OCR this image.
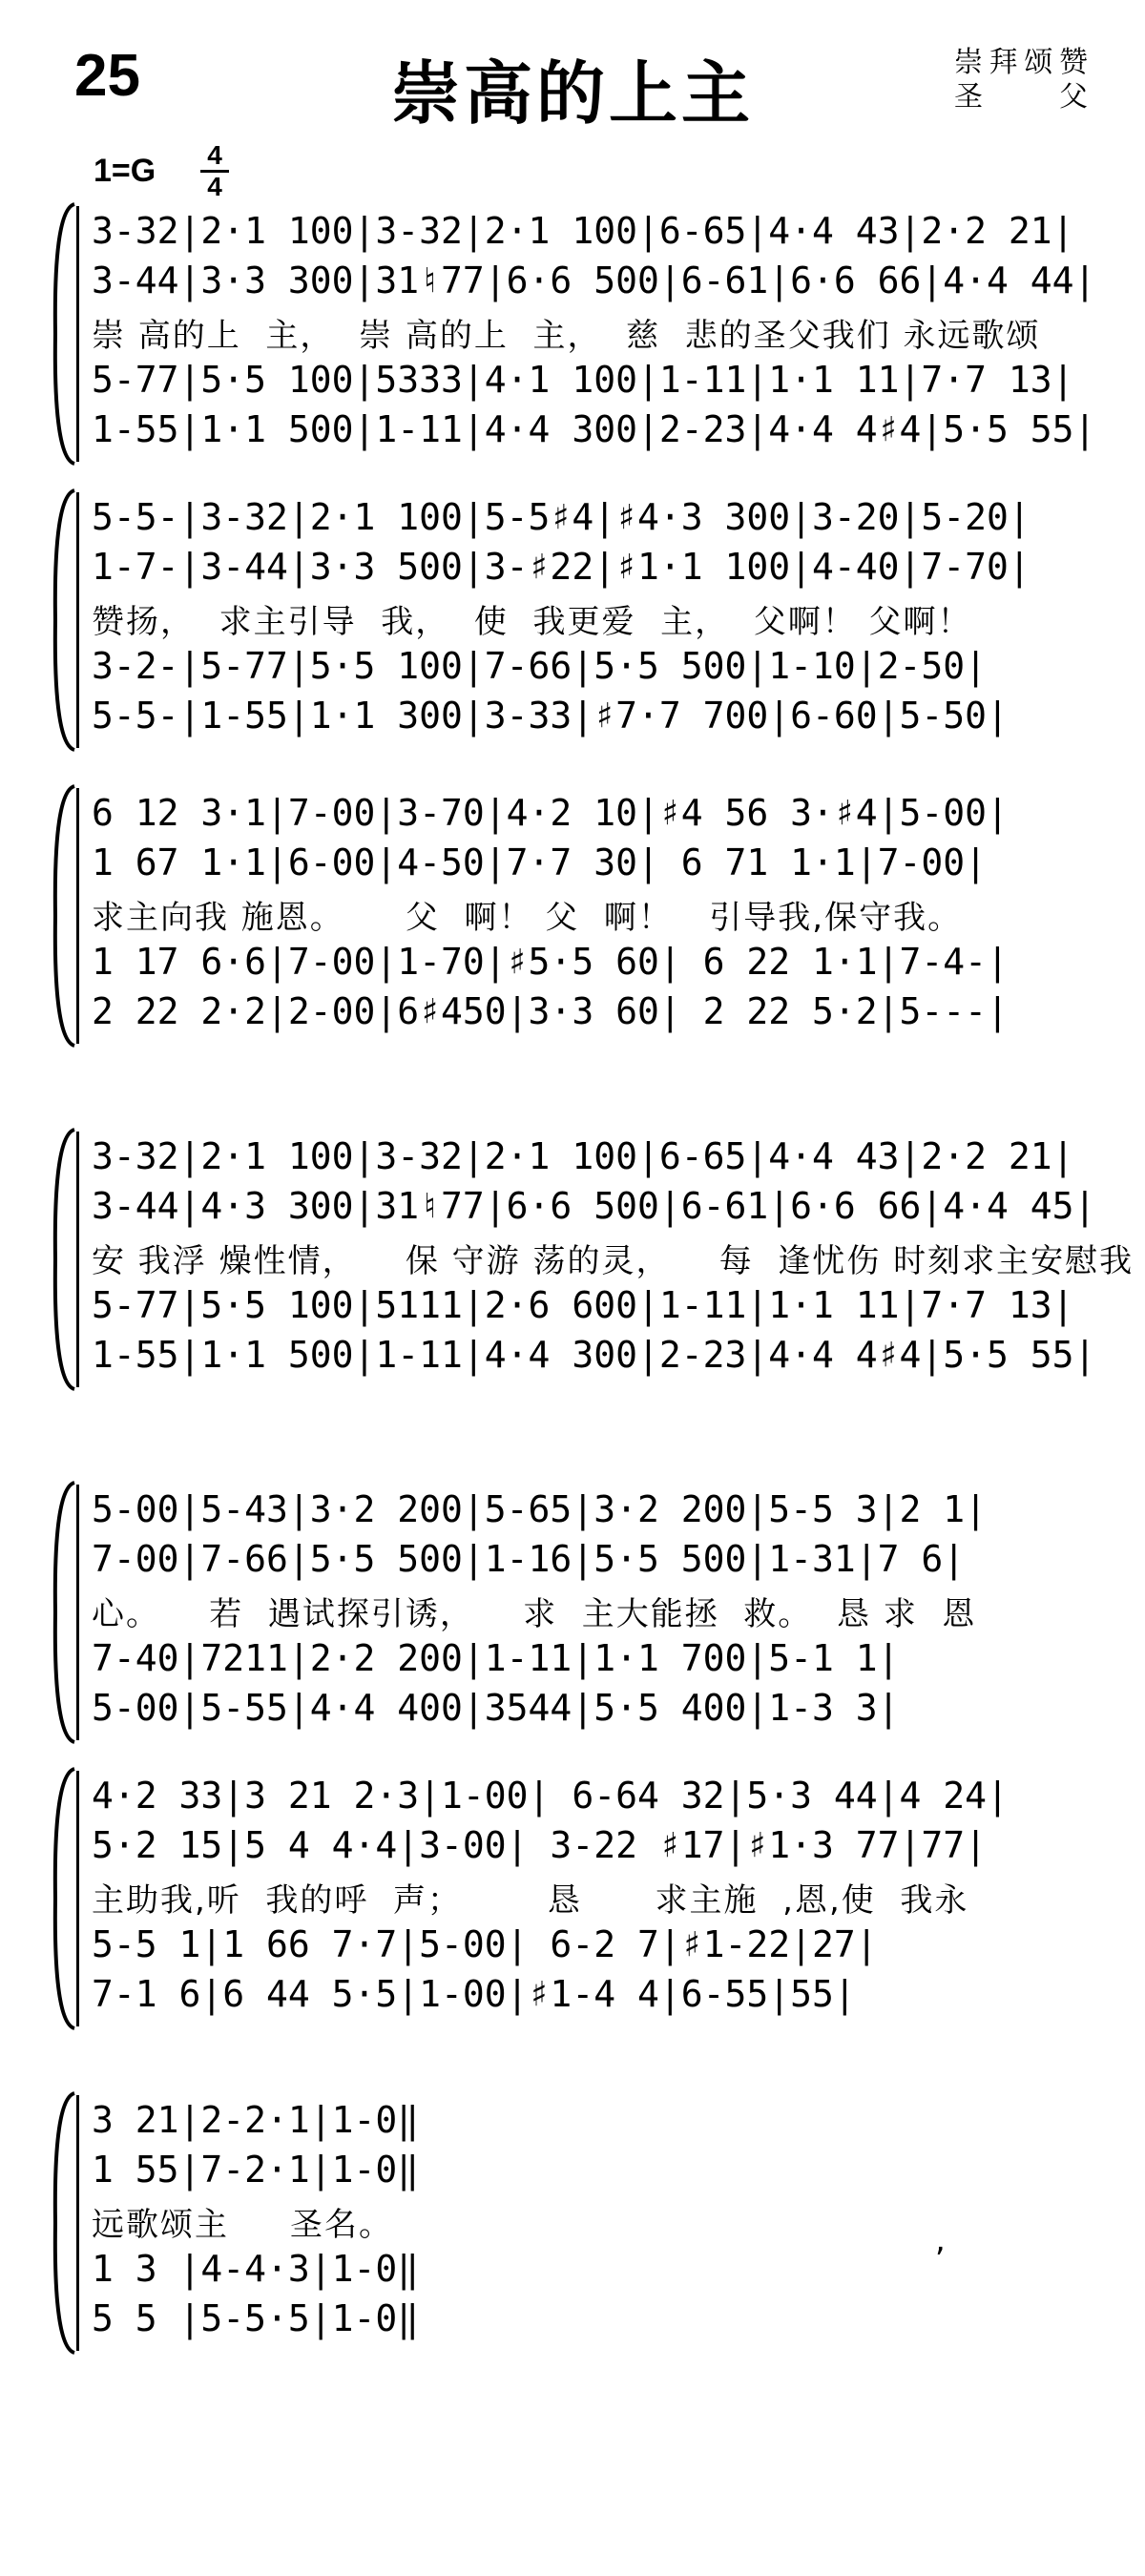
25	崇高的上主	崇拜颂赞
圣父
1=G 4
4
3-32|2·1 100|3-32|2·1 100|6-65|4·4 43|2·2 21|
3-44|3·3 300|31♮77|6·6 500|6-61|6·6 66|4·4 44|
崇 高的上  主，  崇 高的上  主，  慈  悲的圣父我们 永远歌颂
5-77|5·5 100|5333|4·1 100|1-11|1·1 11|7·7 13|
1-55|1·1 500|1-11|4·4 300|2-23|4·4 4♯4|5·5 55|
5-5-|3-32|2·1 100|5-5♯4|♯4·3 300|3-20|5-20|
1-7-|3-44|3·3 500|3-♯22|♯1·1 100|4-40|7-70|
赞扬，  求主引导  我，  使  我更爱  主，  父啊！ 父啊！
3-2-|5-77|5·5 100|7-66|5·5 500|1-10|2-50|
5-5-|1-55|1·1 300|3-33|♯7·7 700|6-60|5-50|
6 12 3·1|7-00|3-70|4·2 10|♯4 56 3·♯4|5-00|
1 67 1·1|6-00|4-50|7·7 30| 6 71 1·1|7-00|
求主向我 施恩。     父  啊！ 父  啊！   引导我,保守我。
1 17 6·6|7-00|1-70|♯5·5 60| 6 22 1·1|7-4-|
2 22 2·2|2-00|6♯450|3·3 60| 2 22 5·2|5---|
3-32|2·1 100|3-32|2·1 100|6-65|4·4 43|2·2 21|
3-44|4·3 300|31♮77|6·6 500|6-61|6·6 66|4·4 45|
安 我浮 燥性情，    保 守游 荡的灵，    每  逢忧伤 时刻求主安慰我
5-77|5·5 100|5111|2·6 600|1-11|1·1 11|7·7 13|
1-55|1·1 500|1-11|4·4 300|2-23|4·4 4♯4|5·5 55|
5-00|5-43|3·2 200|5-65|3·2 200|5-5 3|2 1|
7-00|7-66|5·5 500|1-16|5·5 500|1-31|7 6|
心。    若  遇试探引诱，    求  主大能拯  救。  恳 求  恩
7-40|7211|2·2 200|1-11|1·1 700|5-1 1|
5-00|5-55|4·4 400|3544|5·5 400|1-3 3|
4·2 33|3 21 2·3|1-00| 6-64 32|5·3 44|4 24|
5·2 15|5 4 4·4|3-00| 3-22 ♯17|♯1·3 77|77|
主助我,听  我的呼  声；       恳      求主施  ,恩,使  我永
5-5 1|1 66 7·7|5-00| 6-2 7|♯1-22|27|
7-1 6|6 44 5·5|1-00|♯1-4 4|6-55|55|
3 21|2-2·1|1-0‖
1 55|7-2·1|1-0‖
远歌颂主     圣名。
1 3 |4-4·3|1-0‖
5 5 |5-5·5|1-0‖
,
